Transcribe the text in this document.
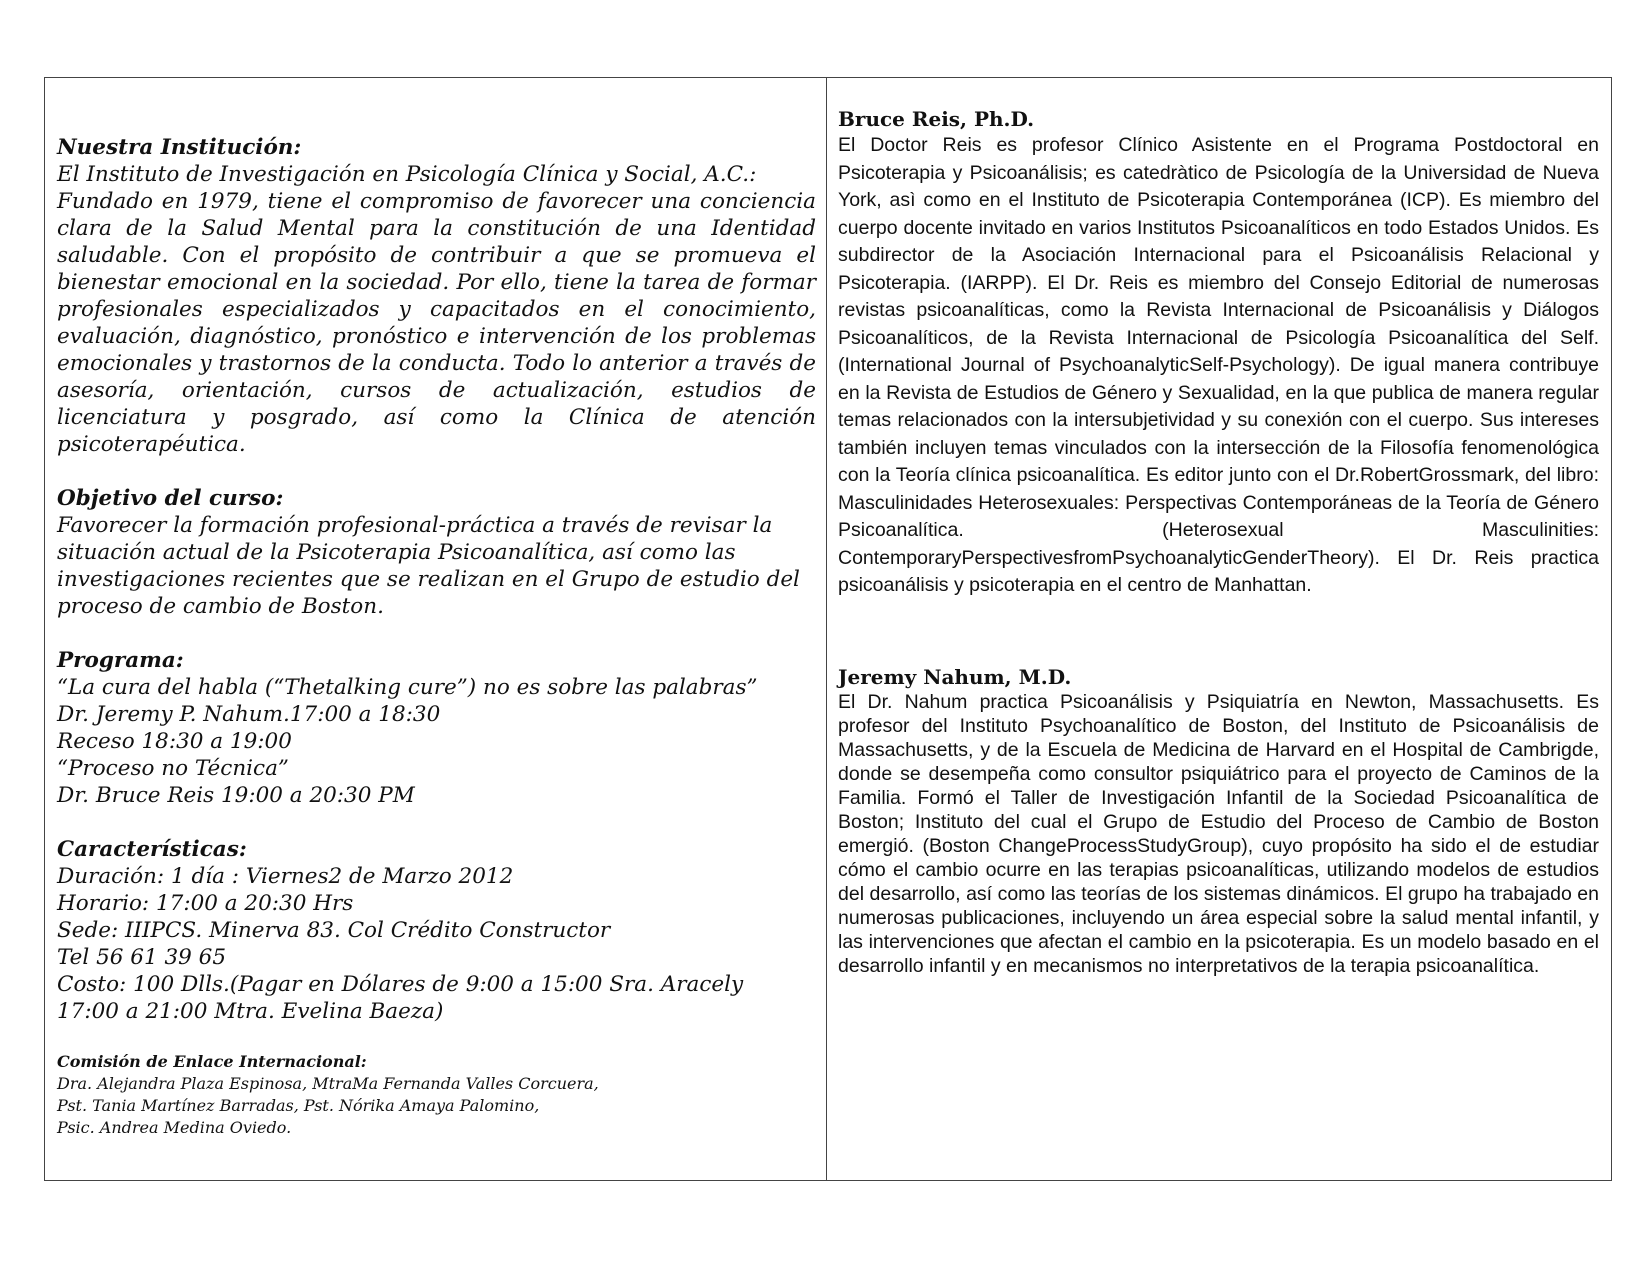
Nuestra Institución:

El Instituto de Investigación en Psicología Clínica y Social, A.C.:

Fundado en 1979, tiene el compromiso de favorecer una conciencia clara de la Salud Mental para la constitución de una Identidad saludable. Con el propósito de contribuir a que se promueva el bienestar emocional en la sociedad. Por ello, tiene la tarea de formar profesionales especializados y capacitados en el conocimiento, evaluación, diagnóstico, pronóstico e intervención de los problemas emocionales y trastornos de la conducta. Todo lo anterior a través de asesoría, orientación, cursos de actualización, estudios de licenciatura y posgrado, así como la Clínica de atención psicoterapéutica.

Objetivo del curso:

Favorecer la formación profesional-práctica a través de revisar la
situación actual de la Psicoterapia Psicoanalítica, así como las
investigaciones recientes que se realizan en el Grupo de estudio del
proceso de cambio de Boston.

Programa:

“La cura del habla (“Thetalking cure”) no es sobre las palabras”
Dr. Jeremy P. Nahum.17:00 a 18:30
Receso 18:30 a 19:00
“Proceso no Técnica”
Dr. Bruce Reis 19:00 a 20:30 PM

Características:

Duración: 1 día : Viernes2 de Marzo 2012
Horario: 17:00 a 20:30 Hrs
Sede: IIIPCS. Minerva 83. Col Crédito Constructor
Tel 56 61 39 65
Costo: 100 Dlls.(Pagar en Dólares de 9:00 a 15:00 Sra. Aracely
17:00 a 21:00 Mtra. Evelina Baeza)

Comisión de Enlace Internacional:

Dra. Alejandra Plaza Espinosa, MtraMa Fernanda Valles Corcuera,
Pst. Tania Martínez Barradas, Pst. Nórika Amaya Palomino,
Psic. Andrea Medina Oviedo.

Bruce Reis, Ph.D.

El Doctor Reis es profesor Clínico Asistente en el Programa Postdoctoral en Psicoterapia y Psicoanálisis; es catedràtico de Psicología de la Universidad de Nueva York, asì como en el Instituto de Psicoterapia Contemporánea (ICP). Es miembro del cuerpo docente invitado en varios Institutos Psicoanalíticos en todo Estados Unidos. Es subdirector de la Asociación Internacional para el Psicoanálisis Relacional y Psicoterapia. (IARPP). El Dr. Reis es miembro del Consejo Editorial de numerosas revistas psicoanalíticas, como la Revista Internacional de Psicoanálisis y Diálogos Psicoanalíticos, de la Revista Internacional de Psicología Psicoanalítica del Self. (International Journal of PsychoanalyticSelf-Psychology). De igual manera contribuye en la Revista de Estudios de Género y Sexualidad, en la que publica de manera regular temas relacionados con la intersubjetividad y su conexión con el cuerpo. Sus intereses también incluyen temas vinculados con la intersección de la Filosofía fenomenológica con la Teoría clínica psicoanalítica. Es editor junto con el Dr.RobertGrossmark, del libro: Masculinidades Heterosexuales: Perspectivas Contemporáneas de la Teoría de Género Psicoanalítica. (Heterosexual Masculinities: ContemporaryPerspectivesfromPsychoanalyticGenderTheory). El Dr. Reis practica psicoanálisis y psicoterapia en el centro de Manhattan.

Jeremy Nahum, M.D.

El Dr. Nahum practica Psicoanálisis y Psiquiatría en Newton, Massachusetts. Es profesor del Instituto Psychoanalítico de Boston, del Instituto de Psicoanálisis de Massachusetts, y de la Escuela de Medicina de Harvard en el Hospital de Cambrigde, donde se desempeña como consultor psiquiátrico para el proyecto de Caminos de la Familia. Formó el Taller de Investigación Infantil de la Sociedad Psicoanalítica de Boston; Instituto del cual el Grupo de Estudio del Proceso de Cambio de Boston emergió. (Boston ChangeProcessStudyGroup), cuyo propósito ha sido el de estudiar cómo el cambio ocurre en las terapias psicoanalíticas, utilizando modelos de estudios del desarrollo, así como las teorías de los sistemas dinámicos. El grupo ha trabajado en numerosas publicaciones, incluyendo un área especial sobre la salud mental infantil, y las intervenciones que afectan el cambio en la psicoterapia. Es un modelo basado en el desarrollo infantil y en mecanismos no interpretativos de la terapia psicoanalítica.
